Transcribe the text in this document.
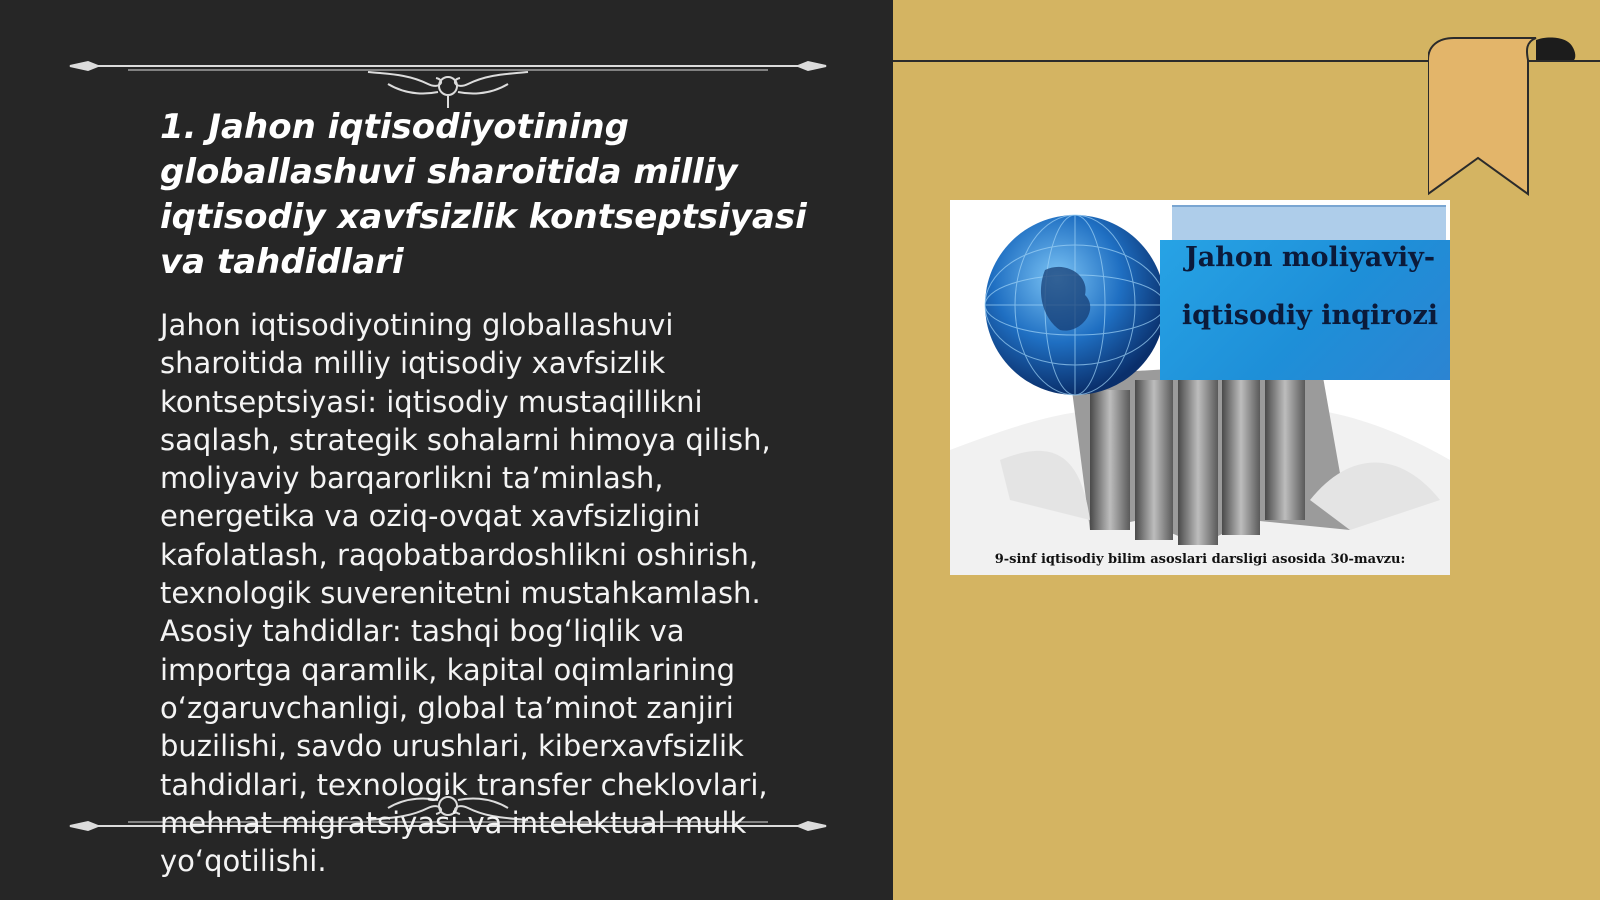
1. Jahon iqtisodiyotining globallashuvi sharoitida milliy iqtisodiy xavfsizlik kontseptsiyasi va tahdidlari

Jahon iqtisodiyotining globallashuvi sharoitida milliy iqtisodiy xavfsizlik kontseptsiyasi: iqtisodiy mustaqillikni saqlash, strategik sohalarni himoya qilish, moliyaviy barqarorlikni ta’minlash, energetika va oziq-ovqat xavfsizligini kafolatlash, raqobatbardoshlikni oshirish, texnologik suverenitetni mustahkamlash. Asosiy tahdidlar: tashqi bog‘liqlik va importga qaramlik, kapital oqimlarining o‘zgaruvchanligi, global ta’minot zanjiri buzilishi, savdo urushlari, kiberxavfsizlik tahdidlari, texnologik transfer cheklovlari, mehnat migratsiyasi va intelektual mulk yo‘qotilishi.

Jahon moliyaviy-
iqtisodiy inqirozi
9-sinf iqtisodiy bilim asoslari darsligi asosida 30-mavzu:
